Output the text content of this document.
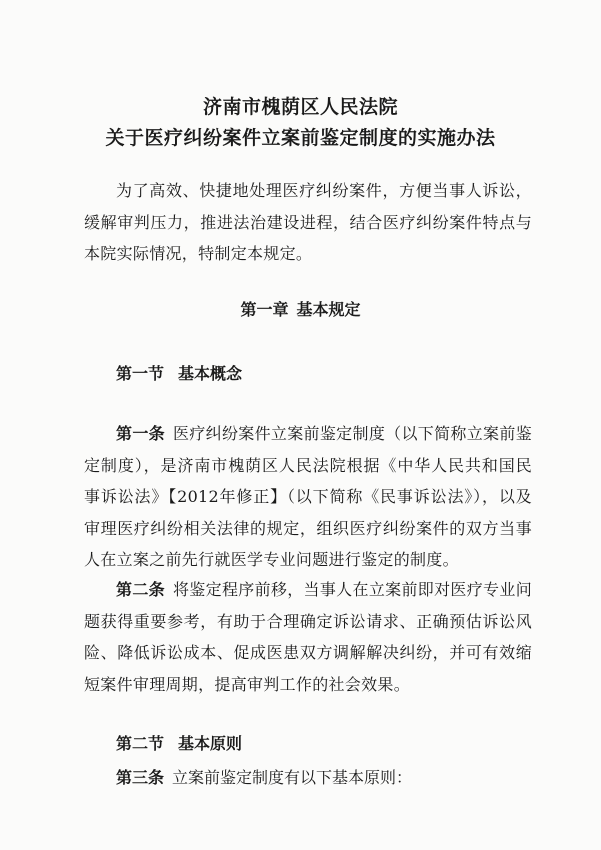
济南市槐荫区人民法院
关于医疗纠纷案件立案前鉴定制度的实施办法
为了高效、快捷地处理医疗纠纷案件，方便当事人诉讼，缓解审判压力，推进法治建设进程，结合医疗纠纷案件特点与本院实际情况，特制定本规定。
第一章 基本规定
第一节 基本概念
第一条 医疗纠纷案件立案前鉴定制度（以下简称立案前鉴定制度），是济南市槐荫区人民法院根据《中华人民共和国民事诉讼法》【2012年修正】（以下简称《民事诉讼法》），以及审理医疗纠纷相关法律的规定，组织医疗纠纷案件的双方当事人在立案之前先行就医学专业问题进行鉴定的制度。
第二条 将鉴定程序前移，当事人在立案前即对医疗专业问题获得重要参考，有助于合理确定诉讼请求、正确预估诉讼风险、降低诉讼成本、促成医患双方调解解决纠纷，并可有效缩短案件审理周期，提高审判工作的社会效果。
第二节 基本原则
第三条 立案前鉴定制度有以下基本原则：
